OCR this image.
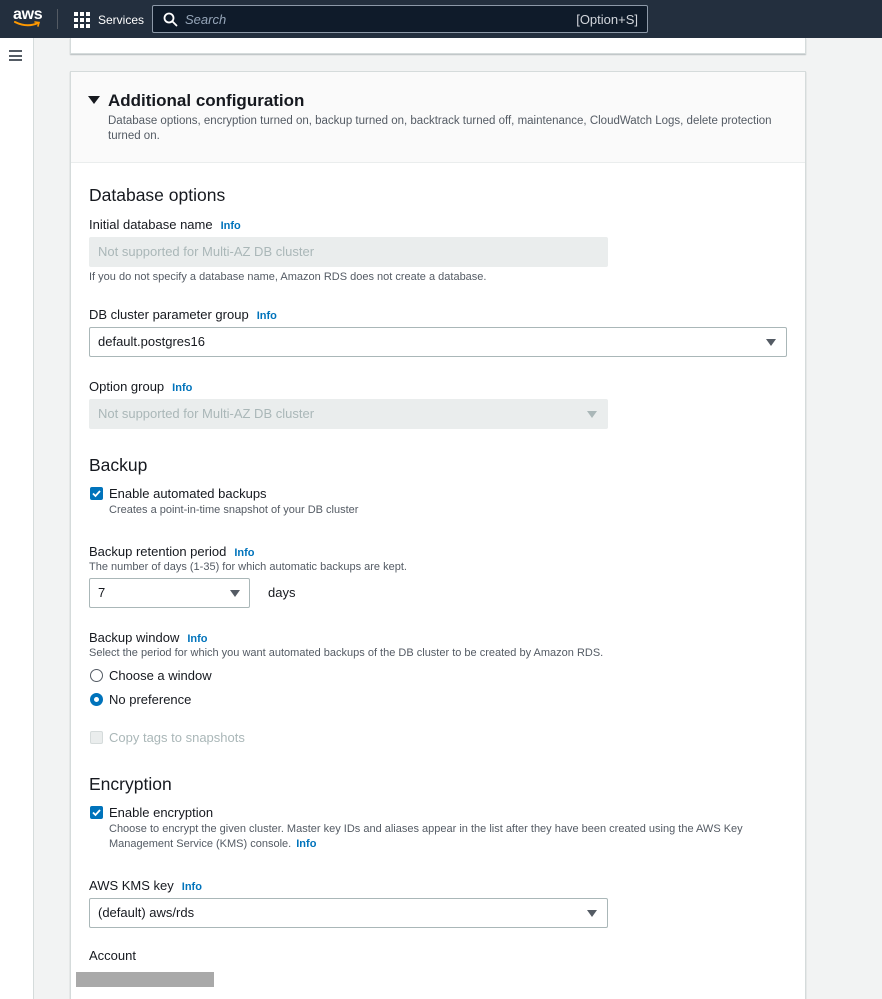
aws	Services	Search	[Option+S]
Additional configuration
Database options, encryption turned on, backup turned on, backtrack turned off, maintenance, CloudWatch Logs, delete protection turned on.
Database options
Initial database name Info
Not supported for Multi-AZ DB cluster
If you do not specify a database name, Amazon RDS does not create a database.
DB cluster parameter group Info
default.postgres16
Option group Info
Not supported for Multi-AZ DB cluster
Backup
Enable automated backups
Creates a point-in-time snapshot of your DB cluster
Backup retention period Info
The number of days (1-35) for which automatic backups are kept.
7	days
Backup window Info
Select the period for which you want automated backups of the DB cluster to be created by Amazon RDS.
Choose a window
No preference
Copy tags to snapshots
Encryption
Enable encryption
Choose to encrypt the given cluster. Master key IDs and aliases appear in the list after they have been created using the AWS Key
Management Service (KMS) console. Info
AWS KMS key Info
(default) aws/rds
Account
